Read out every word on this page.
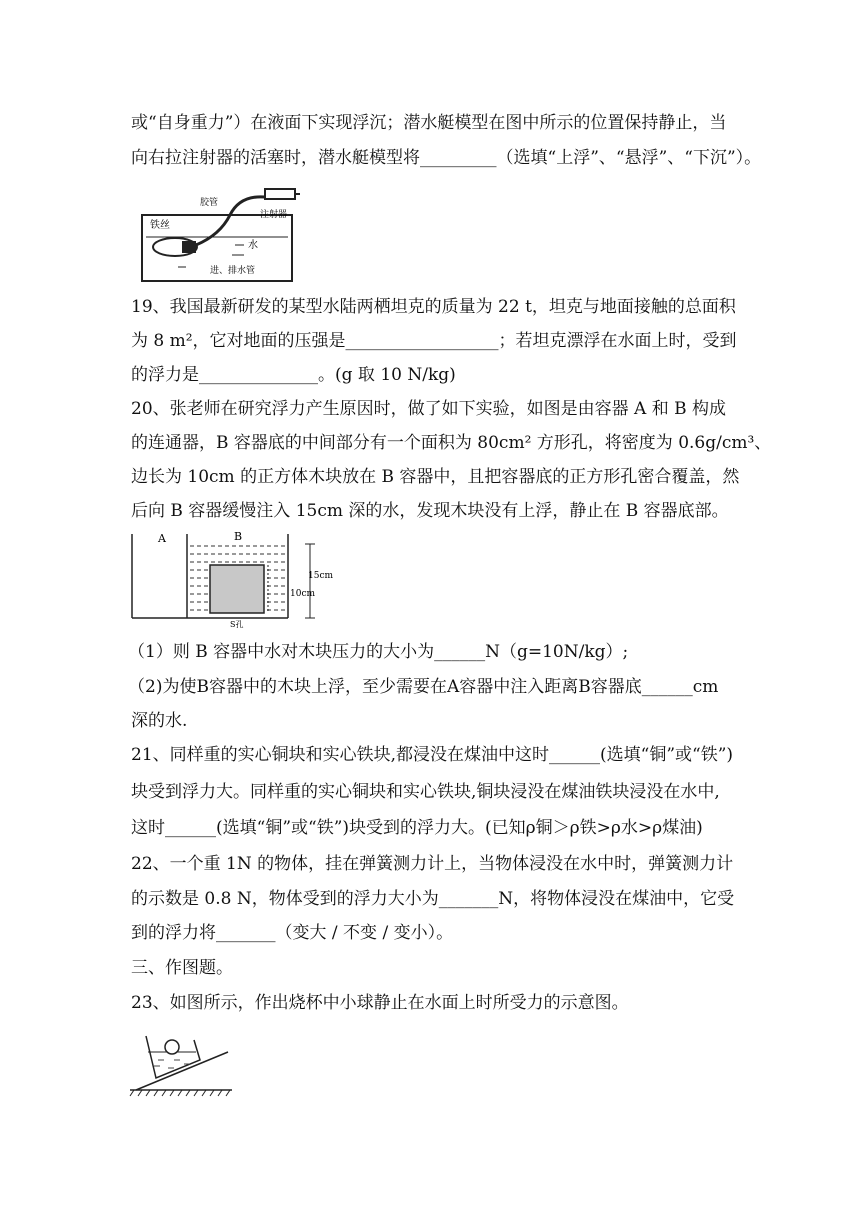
或“自身重力”）在液面下实现浮沉；潜水艇模型在图中所示的位置保持静止，当
向右拉注射器的活塞时，潜水艇模型将_________（选填“上浮”、“悬浮”、“下沉”）。
铁丝
胶管
注射器
水
进、排水管
19、我国最新研发的某型水陆两栖坦克的质量为 22 t，坦克与地面接触的总面积
为 8 m²，它对地面的压强是__________________；若坦克漂浮在水面上时，受到
的浮力是______________。(g 取 10 N/kg)
20、张老师在研究浮力产生原因时，做了如下实验，如图是由容器 A 和 B 构成
的连通器，B 容器底的中间部分有一个面积为 80cm² 方形孔，将密度为 0.6g/cm³、
边长为 10cm 的正方体木块放在 B 容器中，且把容器底的正方形孔密合覆盖，然
后向 B 容器缓慢注入 15cm 深的水，发现木块没有上浮，静止在 B 容器底部。
A	B
15cm
10cm
S孔
（1）则 B 容器中水对木块压力的大小为______N（g=10N/kg）;
（2)为使B容器中的木块上浮，至少需要在A容器中注入距离B容器底______cm
深的水.
21、同样重的实心铜块和实心铁块,都浸没在煤油中这时______(选填“铜”或“铁”)
块受到浮力大。同样重的实心铜块和实心铁块,铜块浸没在煤油铁块浸没在水中,
这时______(选填“铜”或“铁”)块受到的浮力大。(已知ρ铜＞ρ铁>ρ水>ρ煤油)
22、一个重 1N 的物体，挂在弹簧测力计上，当物体浸没在水中时，弹簧测力计
的示数是 0.8 N，物体受到的浮力大小为_______N，将物体浸没在煤油中，它受
到的浮力将_______（变大 / 不变 / 变小）。
三、作图题。
23、如图所示，作出烧杯中小球静止在水面上时所受力的示意图。
